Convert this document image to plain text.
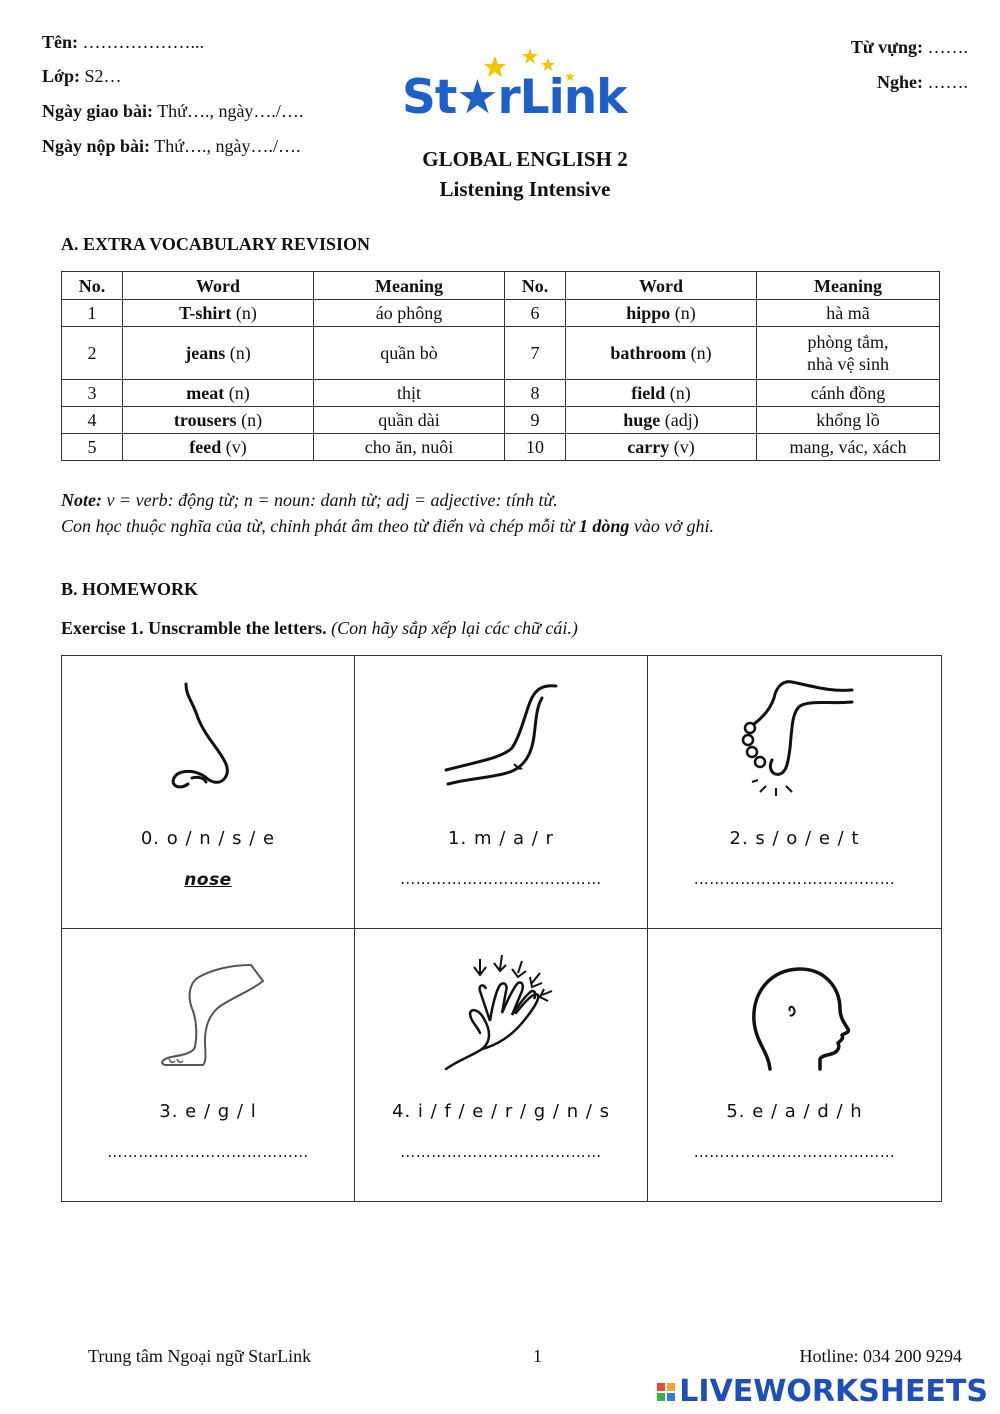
Tên: ………………...
Lớp: S2…
Ngày giao bài: Thứ…., ngày…./….
Ngày nộp bài: Thứ…., ngày…./….
Từ vựng: …….
Nghe: …….
St★rLink
GLOBAL ENGLISH 2
Listening Intensive
A. EXTRA VOCABULARY REVISION
No.	Word	Meaning	No.	Word	Meaning
1	T-shirt (n)	áo phông	6	hippo (n)	hà mã
2	jeans (n)	quần bò	7	bathroom (n)	phòng tắm,
nhà vệ sinh

3	meat (n)	thịt	8	field (n)	cánh đồng
4	trousers (n)	quần dài	9	huge (adj)	khổng lồ
5	feed (v)	cho ăn, nuôi	10	carry (v)	mang, vác, xách
Note: v = verb: động từ; n = noun: danh từ; adj = adjective: tính từ.
Con học thuộc nghĩa của từ, chỉnh phát âm theo từ điển và chép mỗi từ 1 dòng vào vở ghi.
B. HOMEWORK
Exercise 1. Unscramble the letters. (Con hãy sắp xếp lại các chữ cái.)
0. o / n / s / e
nose
1. m / a / r
…………………………………
2. s / o / e / t
…………………………………
3. e / g / l
…………………………………
4. i / f / e / r / g / n / s
…………………………………
5. e / a / d / h
…………………………………
Trung tâm Ngoại ngữ StarLink	1	Hotline: 034 200 9294
LIVEWORKSHEETS
